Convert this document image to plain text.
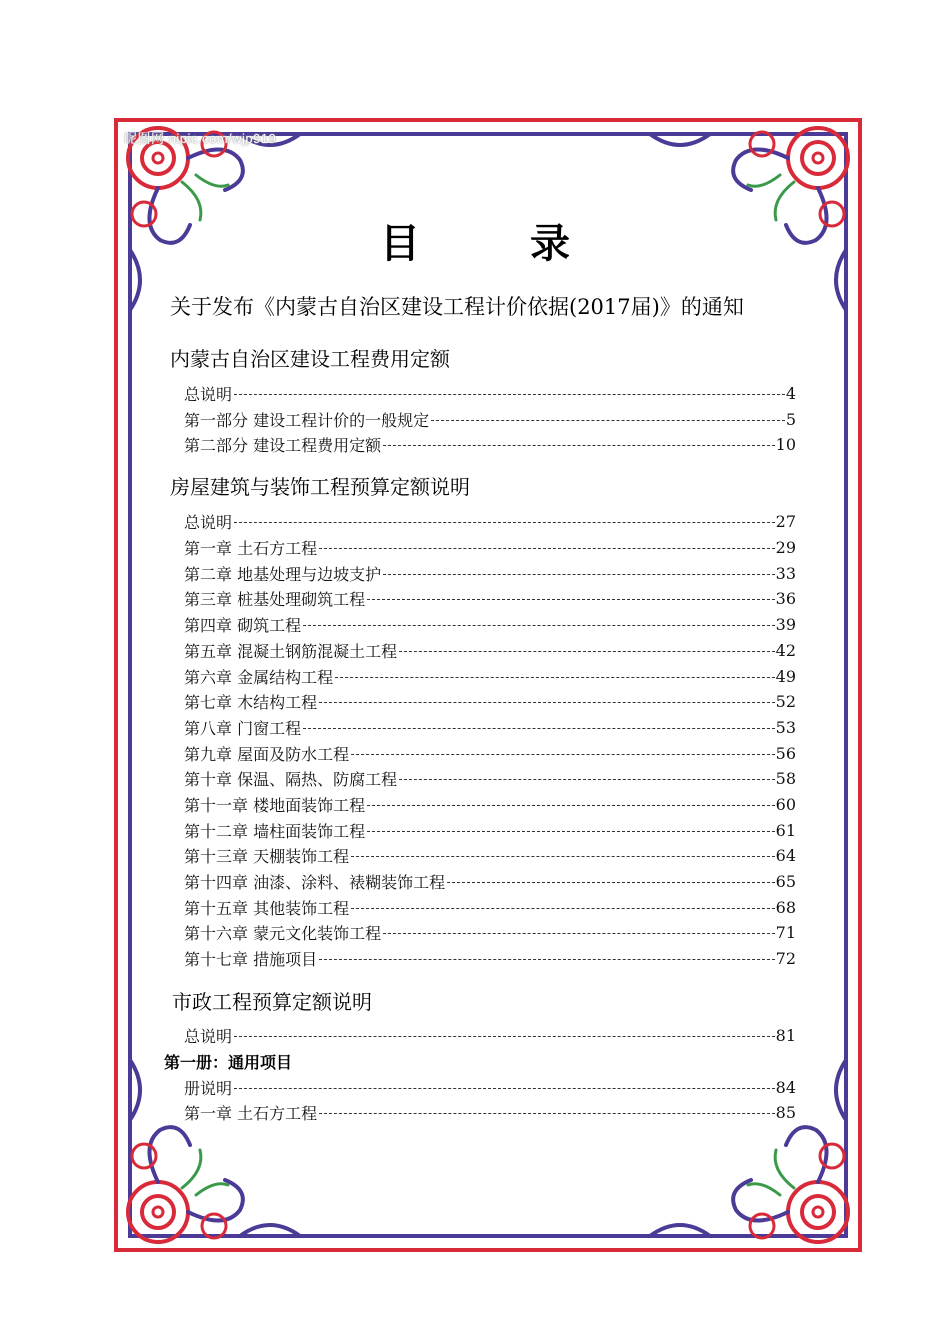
昵图网 nipic.com/wjp919
目 录
关于发布《内蒙古自治区建设工程计价依据(2017届)》的通知
内蒙古自治区建设工程费用定额
总说明	4
第一部分 建设工程计价的一般规定	5
第二部分 建设工程费用定额	10
房屋建筑与装饰工程预算定额说明
总说明	27
第一章 土石方工程	29
第二章 地基处理与边坡支护	33
第三章 桩基处理砌筑工程	36
第四章 砌筑工程	39
第五章 混凝土钢筋混凝土工程	42
第六章 金属结构工程	49
第七章 木结构工程	52
第八章 门窗工程	53
第九章 屋面及防水工程	56
第十章 保温、隔热、防腐工程	58
第十一章 楼地面装饰工程	60
第十二章 墙柱面装饰工程	61
第十三章 天棚装饰工程	64
第十四章 油漆、涂料、裱糊装饰工程	65
第十五章 其他装饰工程	68
第十六章 蒙元文化装饰工程	71
第十七章 措施项目	72
市政工程预算定额说明
总说明	81
第一册：通用项目
册说明	84
第一章 土石方工程	85
